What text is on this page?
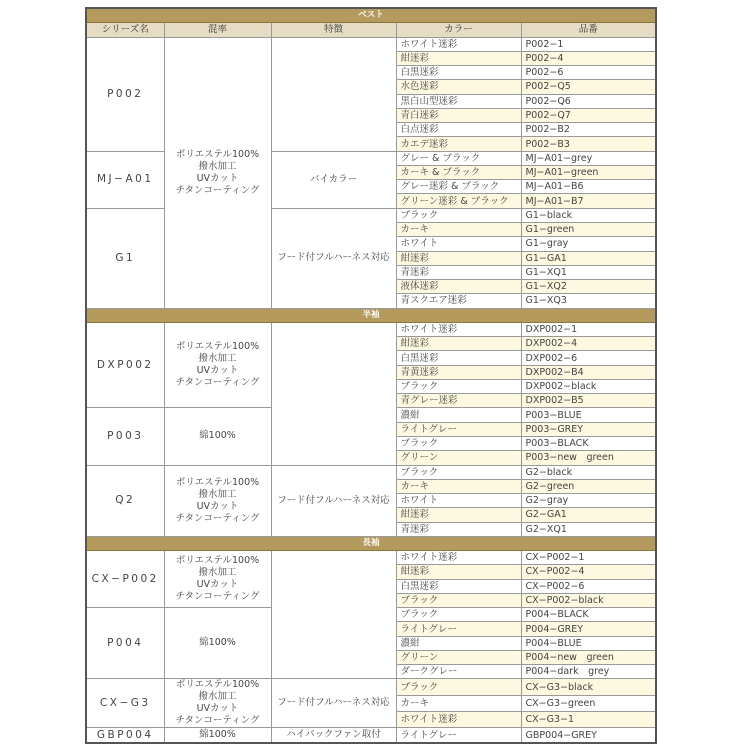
ベスト				
シリーズ名	混率	特徴	カラー	品番
P002	ポリエステル100%
撥水加工
UVカット
チタンコーティング		ホワイト迷彩	P002−1
			紺迷彩	P002−4
			白黒迷彩	P002−6
			水色迷彩	P002−Q5
			黒白山型迷彩	P002−Q6
			青白迷彩	P002−Q7
			白点迷彩	P002−B2
			カエデ迷彩	P002−B3
MJ−A01		バイカラー	グレー & ブラック	MJ−A01−grey
			カーキ & ブラック	MJ−A01−green
			グレー迷彩 & ブラック	MJ−A01−B6
			グリーン迷彩 & ブラック	MJ−A01−B7
G1		フード付フルハーネス対応	ブラック	G1−black
			カーキ	G1−green
			ホワイト	G1−gray
			紺迷彩	G1−GA1
			青迷彩	G1−XQ1
			液体迷彩	G1−XQ2
			青スクエア迷彩	G1−XQ3
半袖				
DXP002	ポリエステル100%
撥水加工
UVカット
チタンコーティング		ホワイト迷彩	DXP002−1
			紺迷彩	DXP002−4
			白黒迷彩	DXP002−6
			青黄迷彩	DXP002−B4
			ブラック	DXP002−black
			青グレー迷彩	DXP002−B5
P003	綿100%		濃紺	P003−BLUE
			ライトグレー	P003−GREY
			ブラック	P003−BLACK
			グリーン	P003−new　green
Q2	ポリエステル100%
撥水加工
UVカット
チタンコーティング	フード付フルハーネス対応	ブラック	G2−black
			カーキ	G2−green
			ホワイト	G2−gray
			紺迷彩	G2−GA1
			青迷彩	G2−XQ1
長袖				
CX−P002	ポリエステル100%
撥水加工
UVカット
チタンコーティング		ホワイト迷彩	CX−P002−1
			紺迷彩	CX−P002−4
			白黒迷彩	CX−P002−6
			ブラック	CX−P002−black
P004	綿100%		ブラック	P004−BLACK
			ライトグレー	P004−GREY
			濃紺	P004−BLUE
			グリーン	P004−new　green
			ダークグレー	P004−dark　grey
CX−G3	ポリエステル100%
撥水加工
UVカット
チタンコーティング	フード付フルハーネス対応	ブラック	CX−G3−black
			カーキ	CX−G3−green
			ホワイト迷彩	CX−G3−1
GBP004	綿100%	ハイパックファン取付	ライトグレー	GBP004−GREY
